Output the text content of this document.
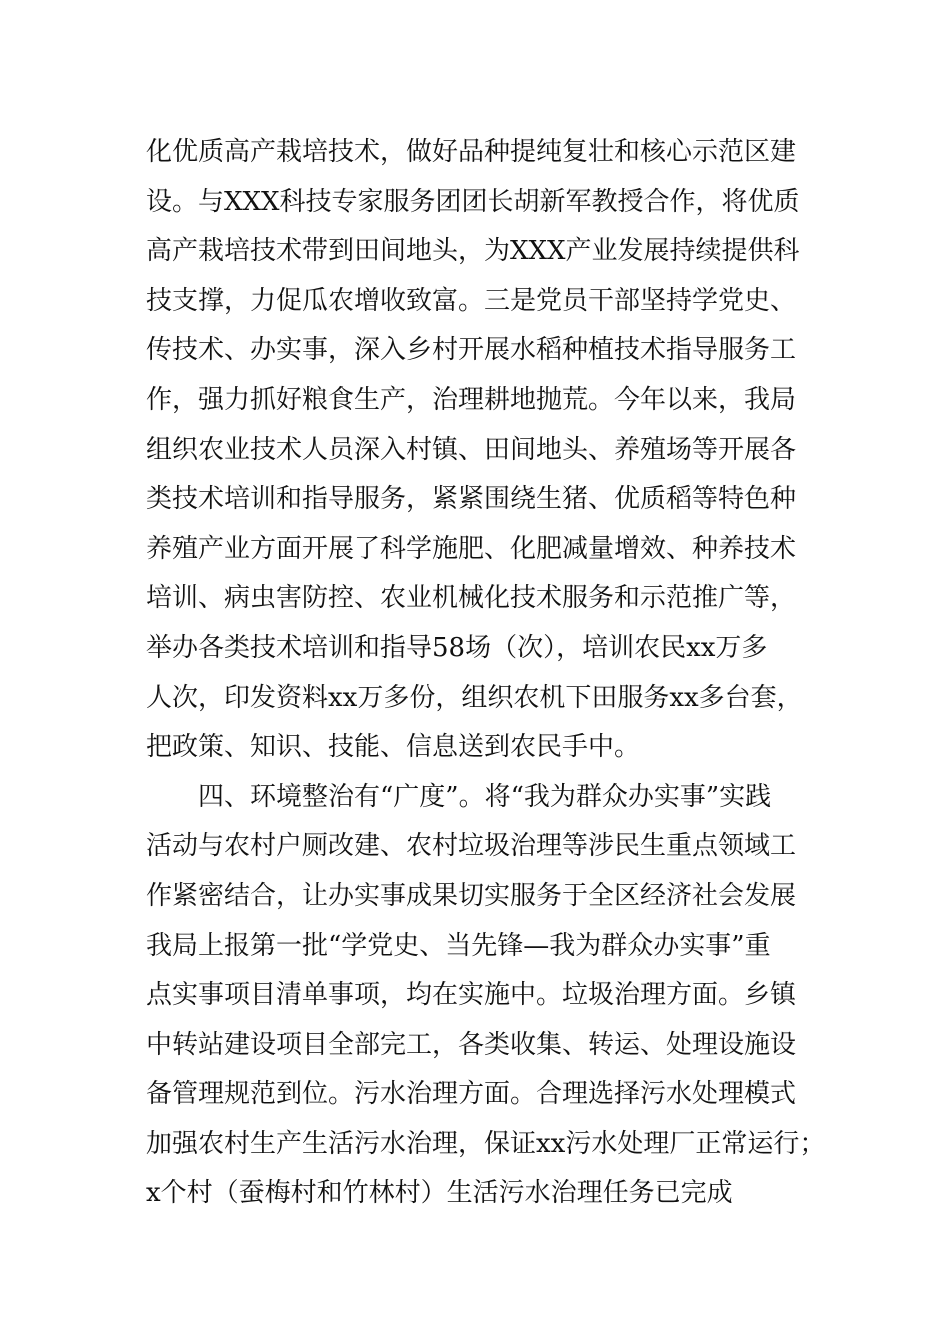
化优质高产栽培技术，做好品种提纯复壮和核心示范区建
设。与XXX科技专家服务团团长胡新军教授合作，将优质
高产栽培技术带到田间地头，为XXX产业发展持续提供科
技支撑，力促瓜农增收致富。三是党员干部坚持学党史、
传技术、办实事，深入乡村开展水稻种植技术指导服务工
作，强力抓好粮食生产，治理耕地抛荒。今年以来，我局
组织农业技术人员深入村镇、田间地头、养殖场等开展各
类技术培训和指导服务，紧紧围绕生猪、优质稻等特色种
养殖产业方面开展了科学施肥、化肥减量增效、种养技术
培训、病虫害防控、农业机械化技术服务和示范推广等，
举办各类技术培训和指导58场（次），培训农民xx万多
人次，印发资料xx万多份，组织农机下田服务xx多台套，
把政策、知识、技能、信息送到农民手中。
　　四、环境整治有“广度”。将“我为群众办实事”实践
活动与农村户厕改建、农村垃圾治理等涉民生重点领域工
作紧密结合，让办实事成果切实服务于全区经济社会发展
我局上报第一批“学党史、当先锋—我为群众办实事”重
点实事项目清单事项，均在实施中。垃圾治理方面。乡镇
中转站建设项目全部完工，各类收集、转运、处理设施设
备管理规范到位。污水治理方面。合理选择污水处理模式
加强农村生产生活污水治理，保证xx污水处理厂正常运行；
x个村（蚕梅村和竹林村）生活污水治理任务已完成
